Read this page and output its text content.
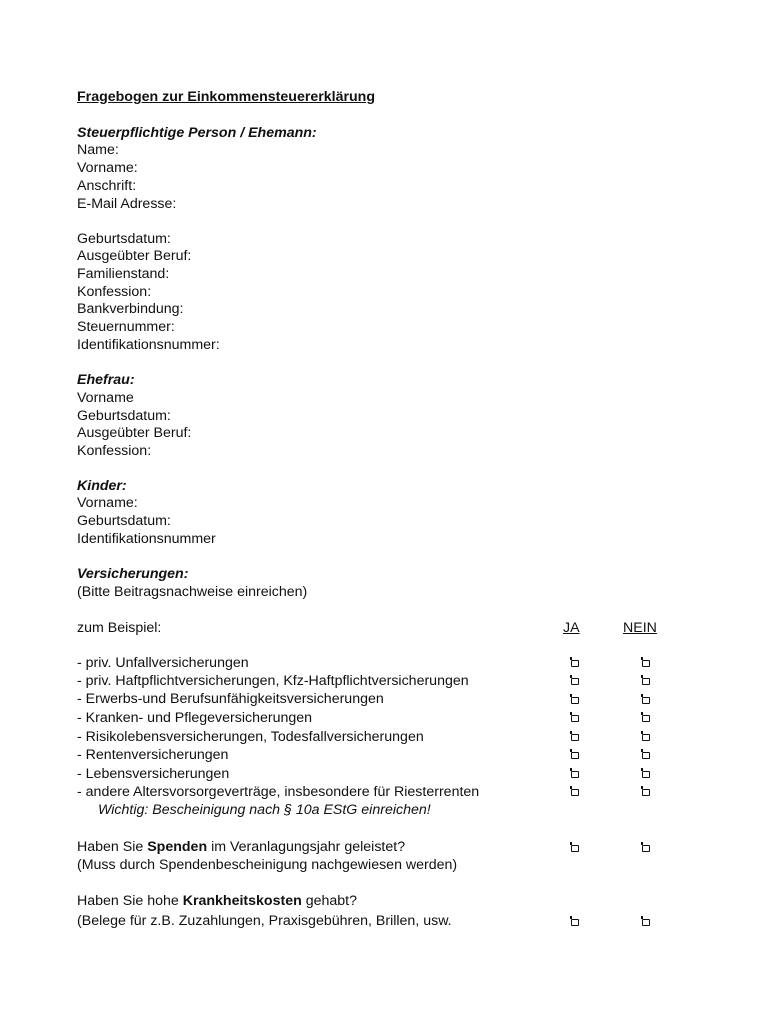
Fragebogen zur Einkommensteuererklärung
Steuerpflichtige Person / Ehemann:
Name:
Vorname:
Anschrift:
E-Mail Adresse:
Geburtsdatum:
Ausgeübter Beruf:
Familienstand:
Konfession:
Bankverbindung:
Steuernummer:
Identifikationsnummer:
Ehefrau:
Vorname
Geburtsdatum:
Ausgeübter Beruf:
Konfession:
Kinder:
Vorname:
Geburtsdatum:
Identifikationsnummer
Versicherungen:
(Bitte Beitragsnachweise einreichen)
zum Beispiel:	JA	NEIN
- priv. Unfallversicherungen
- priv. Haftpflichtversicherungen, Kfz-Haftpflichtversicherungen
- Erwerbs-und Berufsunfähigkeitsversicherungen
- Kranken- und Pflegeversicherungen
- Risikolebensversicherungen, Todesfallversicherungen
- Rentenversicherungen
- Lebensversicherungen
- andere Altersvorsorgeverträge, insbesondere für Riesterrenten
Wichtig: Bescheinigung nach § 10a EStG einreichen!
Haben Sie Spenden im Veranlagungsjahr geleistet?
(Muss durch Spendenbescheinigung nachgewiesen werden)
Haben Sie hohe Krankheitskosten gehabt?
(Belege für z.B. Zuzahlungen, Praxisgebühren, Brillen, usw.
